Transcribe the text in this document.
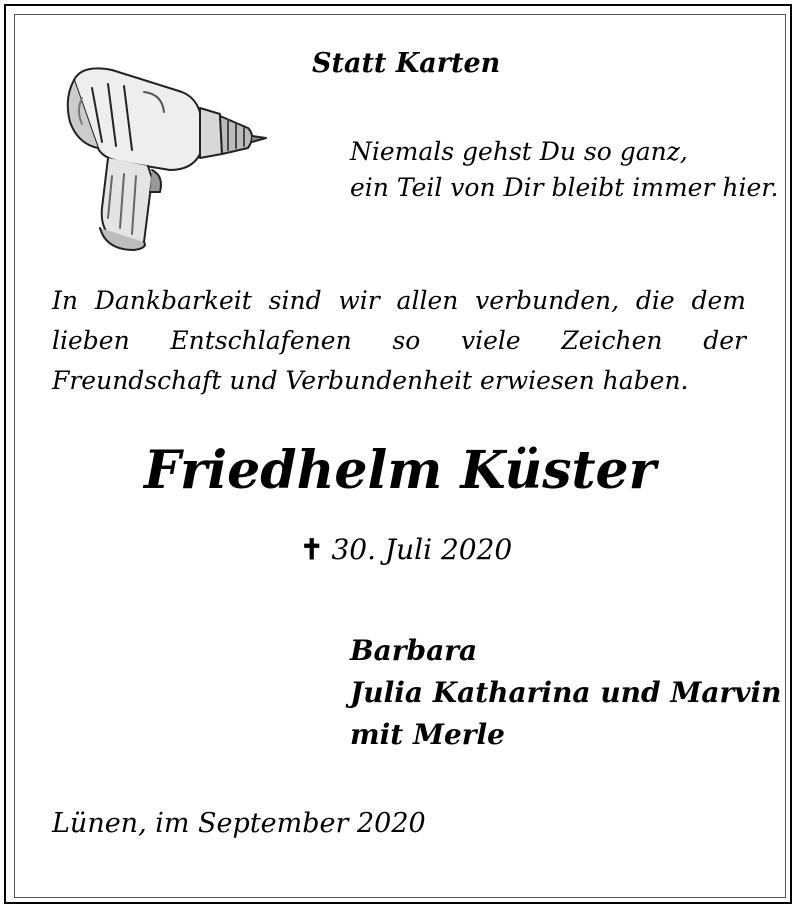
Statt Karten
Niemals gehst Du so ganz,
ein Teil von Dir bleibt immer hier.
In Dankbarkeit sind wir allen verbunden, die dem lieben Entschlafenen so viele Zeichen der Freundschaft und Verbundenheit erwiesen haben.
Friedhelm Küster
✝ 30. Juli 2020
Barbara
Julia Katharina und Marvin
mit Merle
Lünen, im September 2020
